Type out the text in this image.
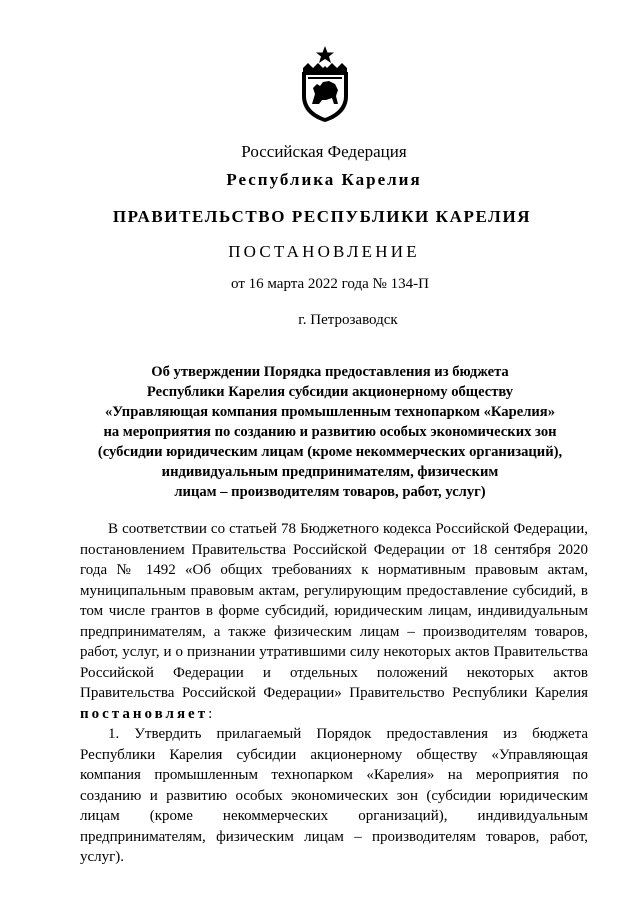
Российская Федерация
Республика Карелия
ПРАВИТЕЛЬСТВО РЕСПУБЛИКИ КАРЕЛИЯ
ПОСТАНОВЛЕНИЕ
от 16 марта 2022 года № 134-П
г. Петрозаводск
Об утверждении Порядка предоставления из бюджета
Республики Карелия субсидии акционерному обществу
«Управляющая компания промышленным технопарком «Карелия»
на мероприятия по созданию и развитию особых экономических зон
(субсидии юридическим лицам (кроме некоммерческих организаций),
индивидуальным предпринимателям, физическим
лицам – производителям товаров, работ, услуг)

В соответствии со статьей 78 Бюджетного кодекса Российской Федерации, постановлением Правительства Российской Федерации от 18 сентября 2020 года № 1492 «Об общих требованиях к нормативным правовым актам, муниципальным правовым актам, регулирующим предоставление субсидий, в том числе грантов в форме субсидий, юридическим лицам, индивидуальным предпринимателям, а также физическим лицам – производителям товаров, работ, услуг, и о признании утратившими силу некоторых актов Правительства Российской Федерации и отдельных положений некоторых актов Правительства Российской Федерации» Правительство Республики Карелия постановляет:

1. Утвердить прилагаемый Порядок предоставления из бюджета Республики Карелия субсидии акционерному обществу «Управляющая компания промышленным технопарком «Карелия» на мероприятия по созданию и развитию особых экономических зон (субсидии юридическим лицам (кроме некоммерческих организаций), индивидуальным предпринимателям, физическим лицам – производителям товаров, работ, услуг).
